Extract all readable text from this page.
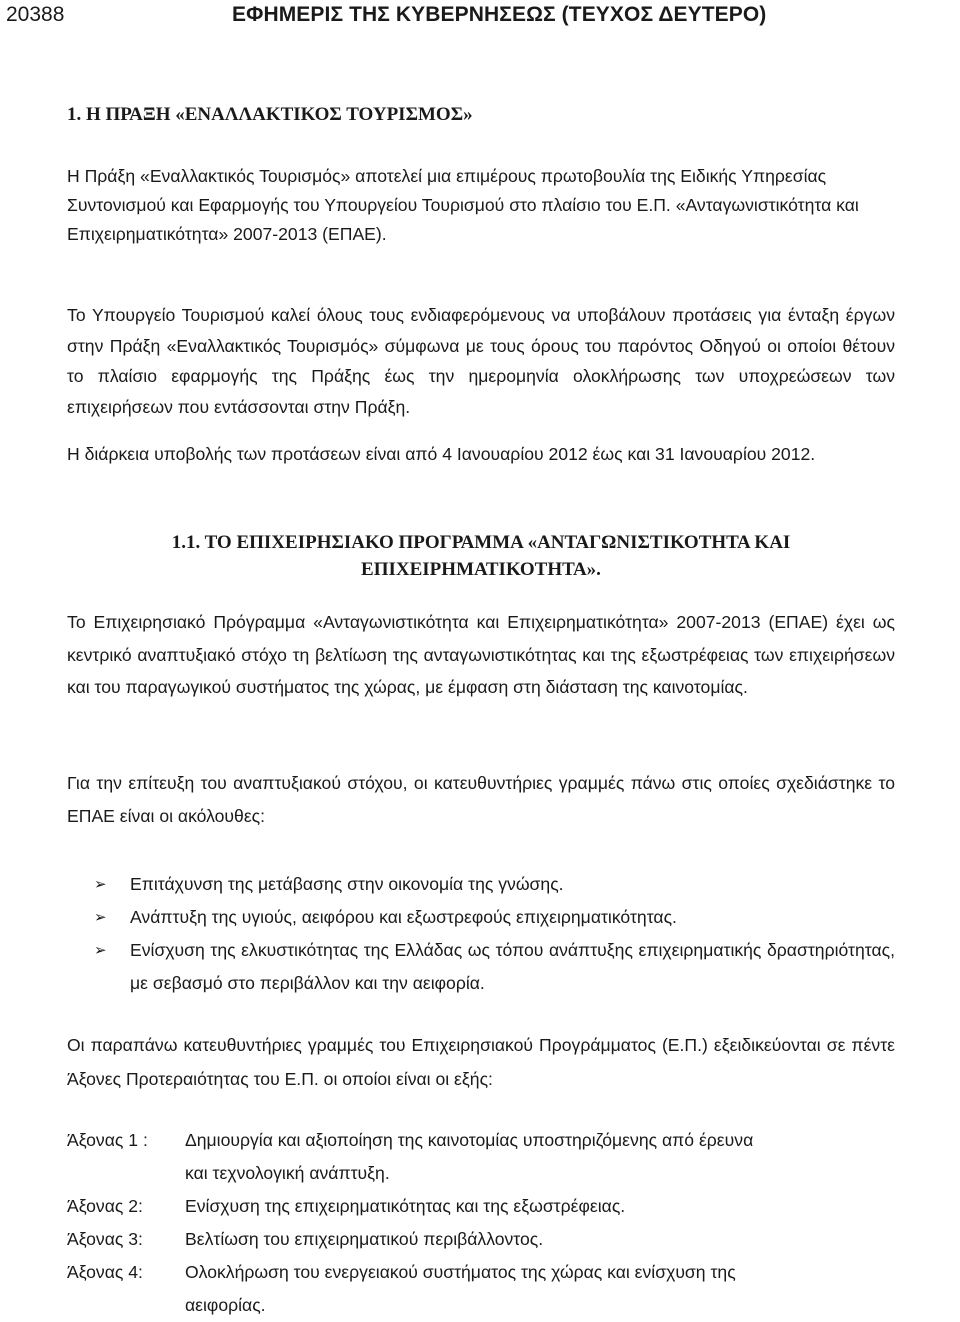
20388	ΕΦΗΜΕΡΙΣ ΤΗΣ ΚΥΒΕΡΝΗΣΕΩΣ (ΤΕΥΧΟΣ ΔΕΥΤΕΡΟ)
1. Η ΠΡΑΞΗ «ΕΝΑΛΛΑΚΤΙΚΟΣ ΤΟΥΡΙΣΜΟΣ»

Η Πράξη «Εναλλακτικός Τουρισμός» αποτελεί μια επιμέρους πρωτοβουλία της Ειδικής Υπηρεσίας Συντονισμού και Εφαρμογής του Υπουργείου Τουρισμού στο πλαίσιο του Ε.Π. «Ανταγωνιστικότητα και Επιχειρηματικότητα» 2007-2013 (ΕΠΑΕ).

Το Υπουργείο Τουρισμού καλεί όλους τους ενδιαφερόμενους να υποβάλουν προτάσεις για ένταξη έργων στην Πράξη «Εναλλακτικός Τουρισμός» σύμφωνα με τους όρους του παρόντος Οδηγού οι οποίοι θέτουν το πλαίσιο εφαρμογής της Πράξης έως την ημερομηνία ολοκλήρωσης των υποχρεώσεων των επιχειρήσεων που εντάσσονται στην Πράξη.

Η διάρκεια υποβολής των προτάσεων είναι από 4 Ιανουαρίου 2012 έως και 31 Ιανουαρίου 2012.

1.1. ΤΟ ΕΠΙΧΕΙΡΗΣΙΑΚΟ ΠΡΟΓΡΑΜΜΑ «ΑΝΤΑΓΩΝΙΣΤΙΚΟΤΗΤΑ ΚΑΙ ΕΠΙΧΕΙΡΗΜΑΤΙΚΟΤΗΤΑ».

Το Επιχειρησιακό Πρόγραμμα «Ανταγωνιστικότητα και Επιχειρηματικότητα» 2007-2013 (ΕΠΑΕ) έχει ως κεντρικό αναπτυξιακό στόχο τη βελτίωση της ανταγωνιστικότητας και της εξωστρέφειας των επιχειρήσεων και του παραγωγικού συστήματος της χώρας, με έμφαση στη διάσταση της καινοτομίας.

Για την επίτευξη του αναπτυξιακού στόχου, οι κατευθυντήριες γραμμές πάνω στις οποίες σχεδιάστηκε το ΕΠΑΕ είναι οι ακόλουθες:

➢ Επιτάχυνση της μετάβασης στην οικονομία της γνώσης.
➢ Ανάπτυξη της υγιούς, αειφόρου και εξωστρεφούς επιχειρηματικότητας.
➢ Ενίσχυση της ελκυστικότητας της Ελλάδας ως τόπου ανάπτυξης επιχειρηματικής δραστηριότητας, με σεβασμό στο περιβάλλον και την αειφορία.

Οι παραπάνω κατευθυντήριες γραμμές του Επιχειρησιακού Προγράμματος (Ε.Π.) εξειδικεύονται σε πέντε Άξονες Προτεραιότητας του Ε.Π. οι οποίοι είναι οι εξής:

Άξονας 1 : Δημιουργία και αξιοποίηση της καινοτομίας υποστηριζόμενης από έρευνα και τεχνολογική ανάπτυξη.
Άξονας 2: Ενίσχυση της επιχειρηματικότητας και της εξωστρέφειας.
Άξονας 3: Βελτίωση του επιχειρηματικού περιβάλλοντος.
Άξονας 4: Ολοκλήρωση του ενεργειακού συστήματος της χώρας και ενίσχυση της αειφορίας.
